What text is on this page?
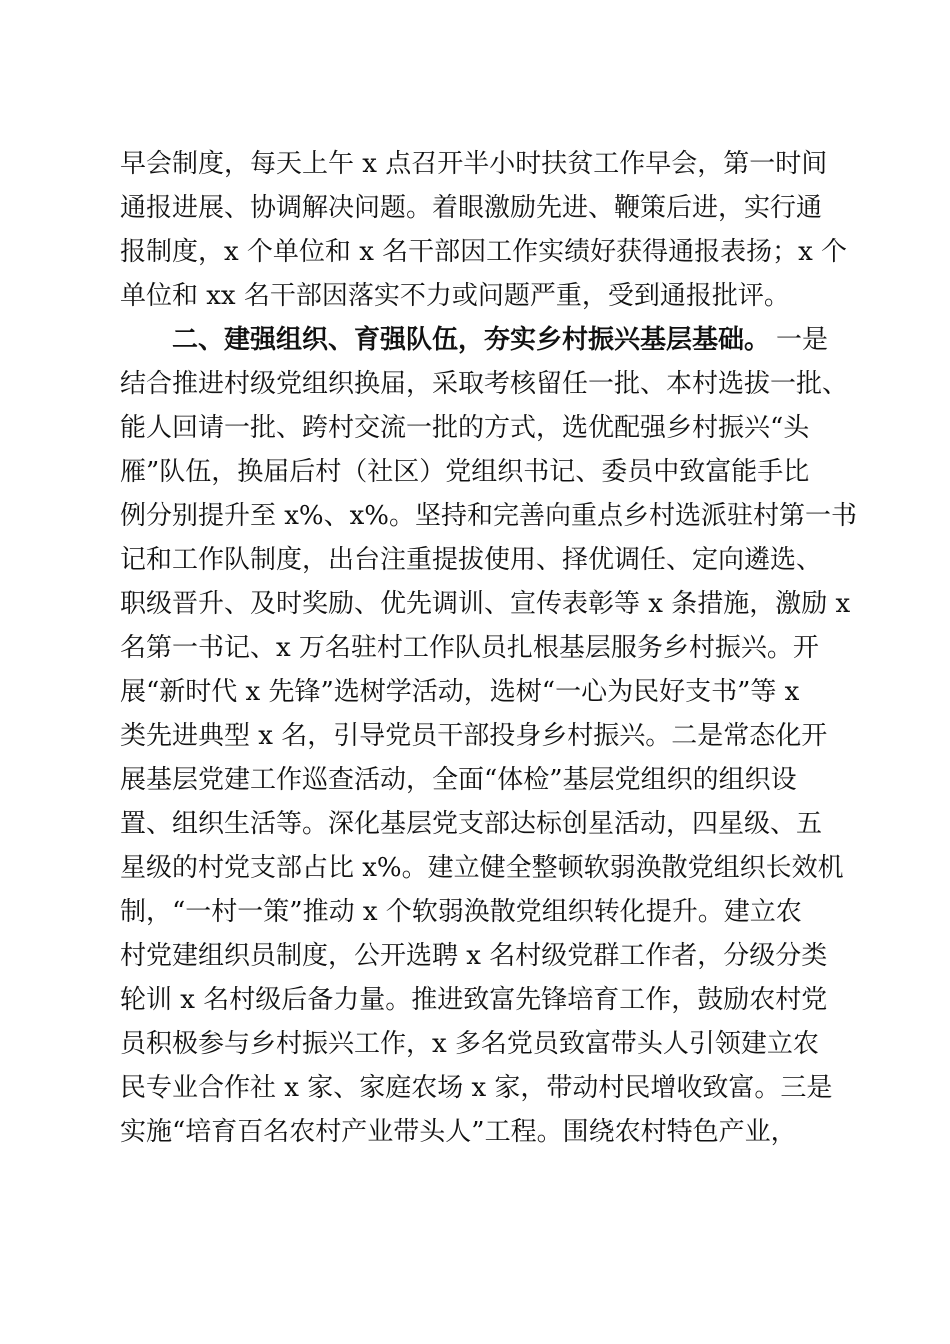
早会制度，每天上午 x 点召开半小时扶贫工作早会，第一时间
通报进展、协调解决问题。着眼激励先进、鞭策后进，实行通
报制度，x 个单位和 x 名干部因工作实绩好获得通报表扬；x 个
单位和 xx 名干部因落实不力或问题严重，受到通报批评。
二、建强组织、育强队伍，夯实乡村振兴基层基础。 一是
结合推进村级党组织换届，采取考核留任一批、本村选拔一批、
能人回请一批、跨村交流一批的方式，选优配强乡村振兴“头
雁”队伍，换届后村（社区）党组织书记、委员中致富能手比
例分别提升至 x%、x%。坚持和完善向重点乡村选派驻村第一书
记和工作队制度，出台注重提拔使用、择优调任、定向遴选、
职级晋升、及时奖励、优先调训、宣传表彰等 x 条措施，激励 x
名第一书记、x 万名驻村工作队员扎根基层服务乡村振兴。开
展“新时代 x 先锋”选树学活动，选树“一心为民好支书”等 x
类先进典型 x 名，引导党员干部投身乡村振兴。二是常态化开
展基层党建工作巡查活动，全面“体检”基层党组织的组织设
置、组织生活等。深化基层党支部达标创星活动，四星级、五
星级的村党支部占比 x%。建立健全整顿软弱涣散党组织长效机
制，“一村一策”推动 x 个软弱涣散党组织转化提升。建立农
村党建组织员制度，公开选聘 x 名村级党群工作者，分级分类
轮训 x 名村级后备力量。推进致富先锋培育工作，鼓励农村党
员积极参与乡村振兴工作，x 多名党员致富带头人引领建立农
民专业合作社 x 家、家庭农场 x 家，带动村民增收致富。三是
实施“培育百名农村产业带头人”工程。围绕农村特色产业，
